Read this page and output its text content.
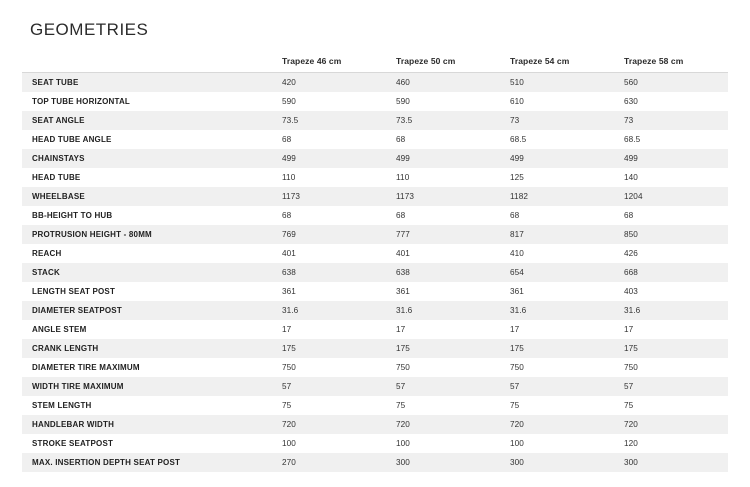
GEOMETRIES
	Trapeze 46 cm	Trapeze 50 cm	Trapeze 54 cm	Trapeze 58 cm
SEAT TUBE	420	460	510	560
TOP TUBE HORIZONTAL	590	590	610	630
SEAT ANGLE	73.5	73.5	73	73
HEAD TUBE ANGLE	68	68	68.5	68.5
CHAINSTAYS	499	499	499	499
HEAD TUBE	110	110	125	140
WHEELBASE	1173	1173	1182	1204
BB-HEIGHT TO HUB	68	68	68	68
PROTRUSION HEIGHT - 80MM	769	777	817	850
REACH	401	401	410	426
STACK	638	638	654	668
LENGTH SEAT POST	361	361	361	403
DIAMETER SEATPOST	31.6	31.6	31.6	31.6
ANGLE STEM	17	17	17	17
CRANK LENGTH	175	175	175	175
DIAMETER TIRE MAXIMUM	750	750	750	750
WIDTH TIRE MAXIMUM	57	57	57	57
STEM LENGTH	75	75	75	75
HANDLEBAR WIDTH	720	720	720	720
STROKE SEATPOST	100	100	100	120
MAX. INSERTION DEPTH SEAT POST	270	300	300	300
